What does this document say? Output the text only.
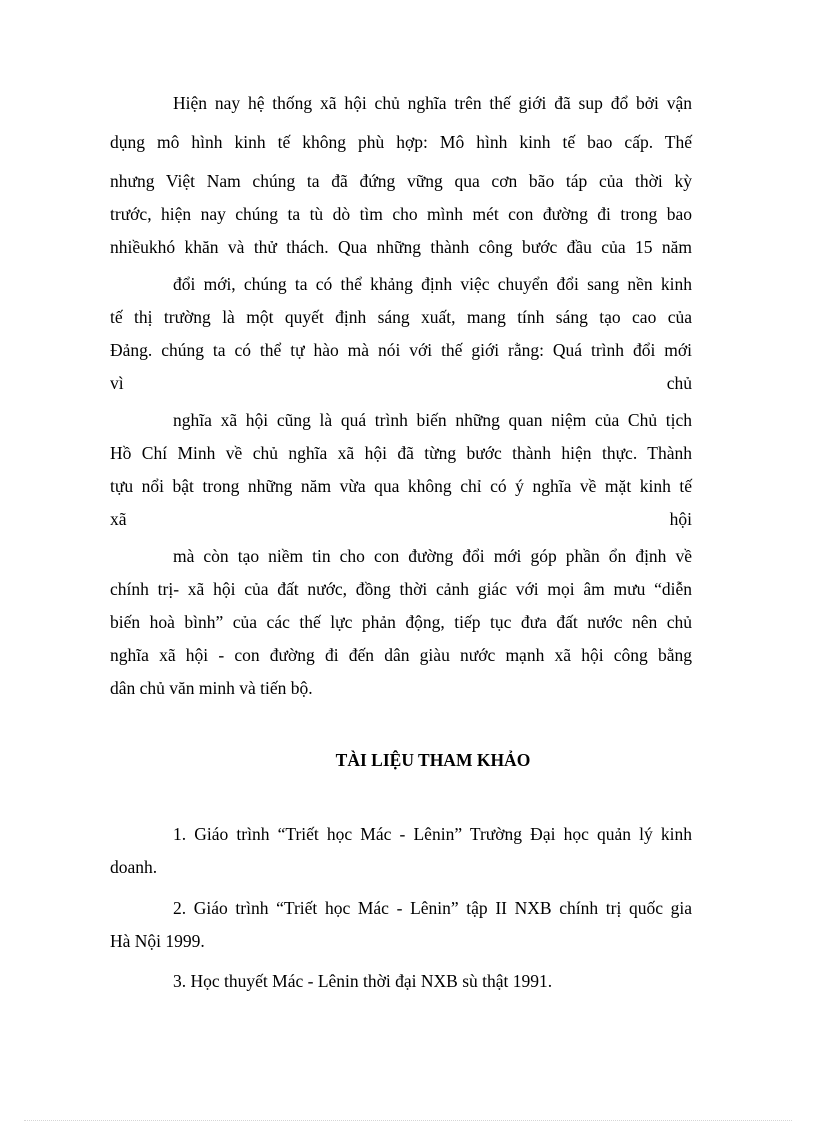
Hiện nay hệ thống xã hội chủ nghĩa trên thế giới đã sup đổ bởi vận
dụng mô hình kinh tế không phù hợp: Mô hình kinh tế bao cấp. Thế
nhưng Việt Nam chúng ta đã đứng vững qua cơn bão táp của thời kỳ
trước, hiện nay chúng ta tù dò tìm cho mình mét con đường đi trong bao
nhiềukhó khăn và thử thách. Qua những thành công bước đầu của 15 năm
đổi mới, chúng ta có thể khảng định việc chuyển đổi sang nền kinh
tế thị trường là một quyết định sáng xuất, mang tính sáng tạo cao của
Đảng. chúng ta có thể tự hào mà nói với thế giới rằng: Quá trình đổi mới
vì chủ
nghĩa xã hội cũng là quá trình biến những quan niệm của Chủ tịch
Hồ Chí Minh về chủ nghĩa xã hội đã từng bước thành hiện thực. Thành
tựu nổi bật trong những năm vừa qua không chỉ có ý nghĩa về mặt kinh tế
xã hội
mà còn tạo niềm tin cho con đường đổi mới góp phần ổn định về
chính trị- xã hội của đất nước, đồng thời cảnh giác với mọi âm mưu “diễn
biến hoà bình” của các thế lực phản động, tiếp tục đưa đất nước nên chủ
nghĩa xã hội - con đường đi đến dân giàu nước mạnh xã hội công bằng
dân chủ văn minh và tiến bộ.
TÀI LIỆU THAM KHẢO
1. Giáo trình “Triết học Mác - Lênin” Trường Đại học quản lý kinh
doanh.
2. Giáo trình “Triết học Mác - Lênin” tập II NXB chính trị quốc gia
Hà Nội 1999.
3. Học thuyết Mác - Lênin thời đại NXB sù thật 1991.
